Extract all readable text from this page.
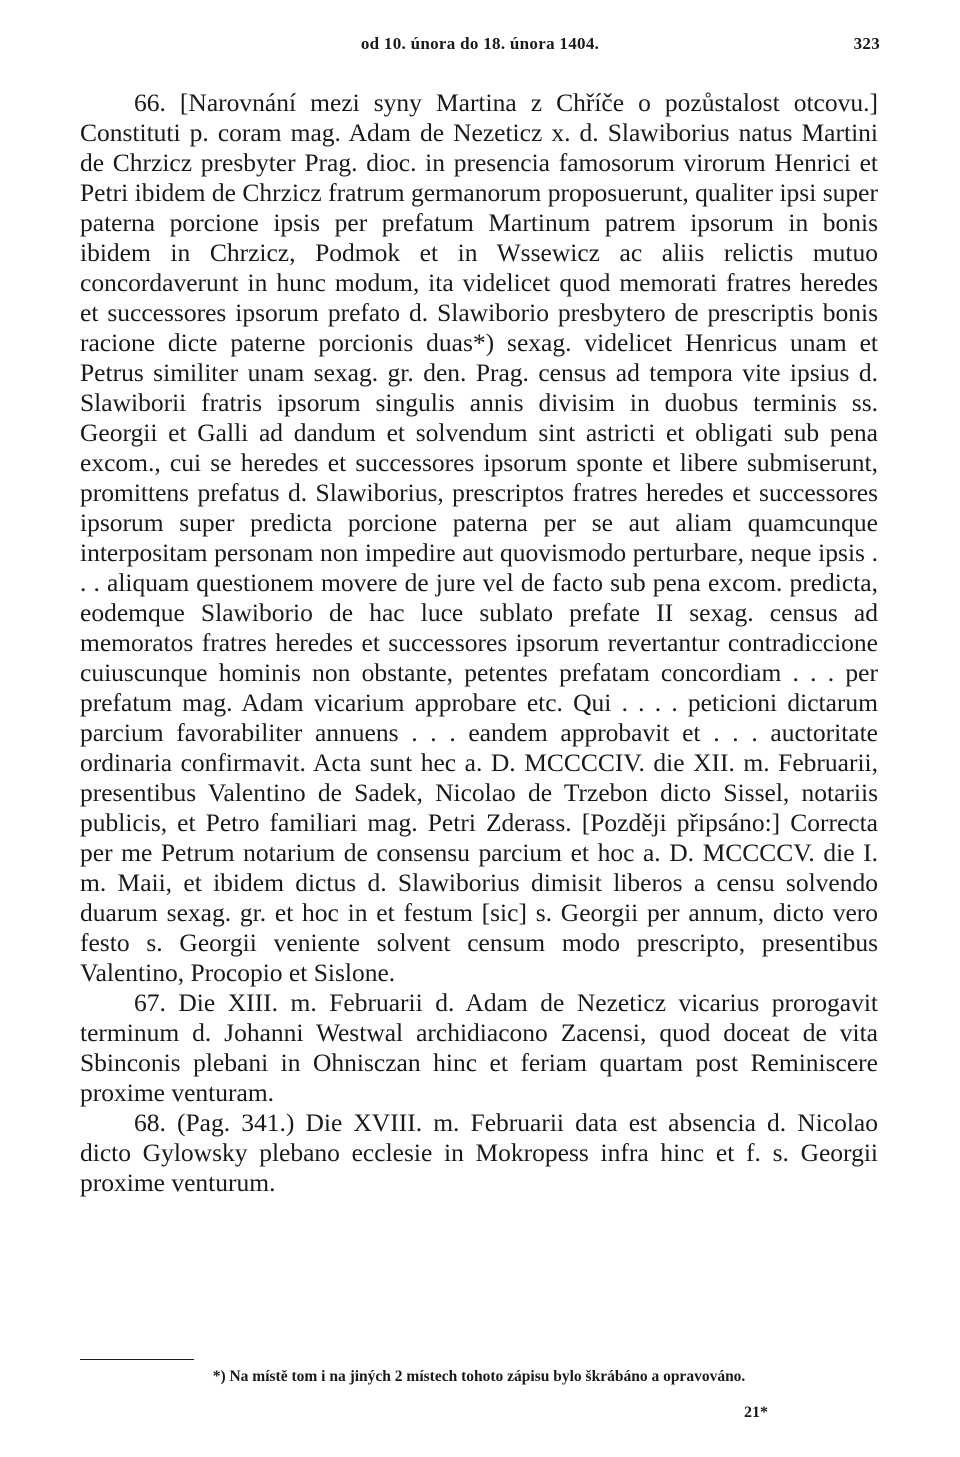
od 10. února do 18. února 1404.	323

66. [Narovnání mezi syny Martina z Chříče o pozůstalost otcovu.] Constituti p. coram mag. Adam de Nezeticz x. d. Slawiborius natus Martini de Chrzicz presbyter Prag. dioc. in presencia famosorum virorum Henrici et Petri ibidem de Chrzicz fratrum germanorum proposuerunt, qualiter ipsi super paterna porcione ipsis per prefatum Martinum patrem ipsorum in bonis ibidem in Chrzicz, Podmok et in Wssewicz ac aliis relictis mutuo concordaverunt in hunc modum, ita videlicet quod memorati fratres heredes et successores ipsorum prefato d. Slawiborio presbytero de prescriptis bonis racione dicte paterne porcionis duas*) sexag. videlicet Henricus unam et Petrus similiter unam sexag. gr. den. Prag. census ad tempora vite ipsius d. Slawiborii fratris ipsorum singulis annis divisim in duobus terminis ss. Georgii et Galli ad dandum et solvendum sint astricti et obligati sub pena excom., cui se heredes et successores ipsorum sponte et libere submiserunt, promittens prefatus d. Slawiborius, prescriptos fratres heredes et successores ipsorum super predicta porcione paterna per se aut aliam quamcunque interpositam personam non impedire aut quovismodo perturbare, neque ipsis . . . aliquam questionem movere de jure vel de facto sub pena excom. predicta, eodemque Slawiborio de hac luce sublato prefate II sexag. census ad memoratos fratres heredes et successores ipsorum revertantur contradiccione cuiuscunque hominis non obstante, petentes prefatam concordiam . . . per prefatum mag. Adam vicarium approbare etc. Qui . . . . peticioni dictarum parcium favorabiliter annuens . . . eandem approbavit et . . . auctoritate ordinaria confirmavit. Acta sunt hec a. D. MCCCCIV. die XII. m. Februarii, presentibus Valentino de Sadek, Nicolao de Trzebon dicto Sissel, notariis publicis, et Petro familiari mag. Petri Zderass. [Později připsáno:] Correcta per me Petrum notarium de consensu parcium et hoc a. D. MCCCCV. die I. m. Maii, et ibidem dictus d. Slawiborius dimisit liberos a censu solvendo duarum sexag. gr. et hoc in et festum [sic] s. Georgii per annum, dicto vero festo s. Georgii veniente solvent censum modo prescripto, presentibus Valentino, Procopio et Sislone.

67. Die XIII. m. Februarii d. Adam de Nezeticz vicarius prorogavit terminum d. Johanni Westwal archidiacono Zacensi, quod doceat de vita Sbinconis plebani in Ohnisczan hinc et feriam quartam post Reminiscere proxime venturam.

68. (Pag. 341.) Die XVIII. m. Februarii data est absencia d. Nicolao dicto Gylowsky plebano ecclesie in Mokropess infra hinc et f. s. Georgii proxime venturum.

*) Na místě tom i na jiných 2 místech tohoto zápisu bylo škrábáno a opravováno.
21*
